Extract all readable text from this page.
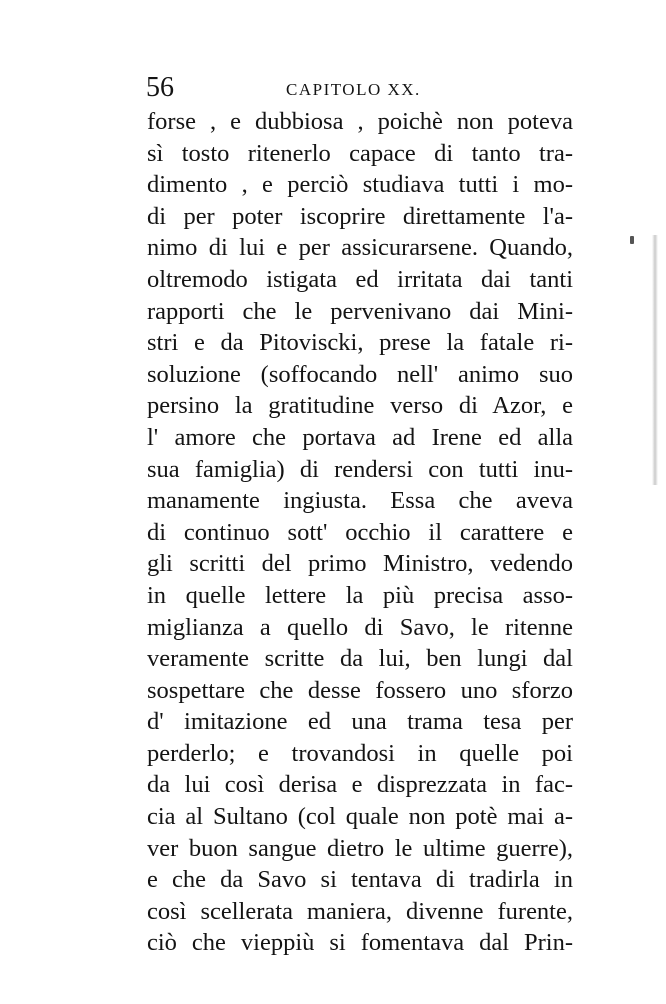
56	CAPITOLO XX.
forse , e dubbiosa , poichè non poteva
sì tosto ritenerlo capace di tanto tra-
dimento , e perciò studiava tutti i mo-
di per poter iscoprire direttamente l'a-
nimo di lui e per assicurarsene. Quando,
oltremodo istigata ed irritata dai tanti
rapporti che le pervenivano dai Mini-
stri e da Pitoviscki, prese la fatale ri-
soluzione (soffocando nell' animo suo
persino la gratitudine verso di Azor, e
l' amore che portava ad Irene ed alla
sua famiglia) di rendersi con tutti inu-
manamente ingiusta. Essa che aveva
di continuo sott' occhio il carattere e
gli scritti del primo Ministro, vedendo
in quelle lettere la più precisa asso-
miglianza a quello di Savo, le ritenne
veramente scritte da lui, ben lungi dal
sospettare che desse fossero uno sforzo
d' imitazione ed una trama tesa per
perderlo; e trovandosi in quelle poi
da lui così derisa e disprezzata in fac-
cia al Sultano (col quale non potè mai a-
ver buon sangue dietro le ultime guerre),
e che da Savo si tentava di tradirla in
così scellerata maniera, divenne furente,
ciò che vieppiù si fomentava dal Prin-
